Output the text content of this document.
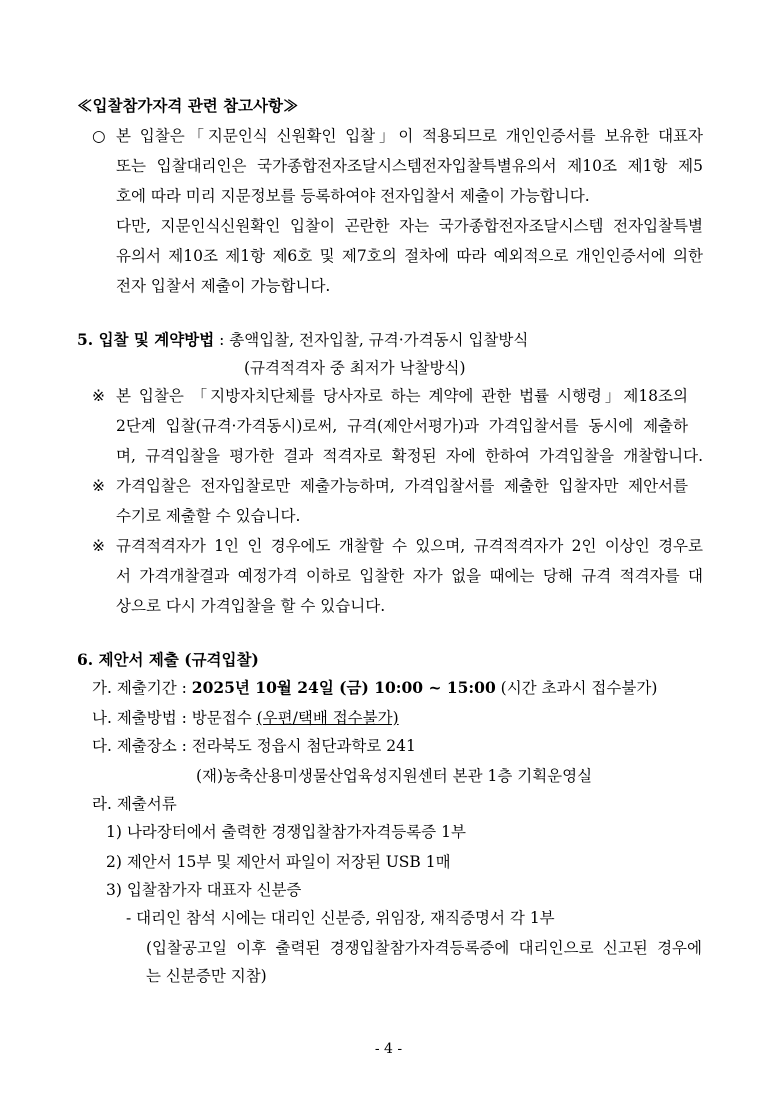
≪입찰참가자격 관련 참고사항≫
○ 본 입찰은「지문인식 신원확인 입찰」이 적용되므로 개인인증서를 보유한 대표자
또는 입찰대리인은 국가종합전자조달시스템전자입찰특별유의서 제10조 제1항 제5
호에 따라 미리 지문정보를 등록하여야 전자입찰서 제출이 가능합니다.
다만, 지문인식신원확인 입찰이 곤란한 자는 국가종합전자조달시스템 전자입찰특별
유의서 제10조 제1항 제6호 및 제7호의 절차에 따라 예외적으로 개인인증서에 의한
전자 입찰서 제출이 가능합니다.
5. 입찰 및 계약방법 : 총액입찰, 전자입찰, 규격·가격동시 입찰방식
(규격적격자 중 최저가 낙찰방식)
※ 본 입찰은 「지방자치단체를 당사자로 하는 계약에 관한 법률 시행령」제18조의
2단계 입찰(규격·가격동시)로써, 규격(제안서평가)과 가격입찰서를 동시에 제출하
며, 규격입찰을 평가한 결과 적격자로 확정된 자에 한하여 가격입찰을 개찰합니다.
※ 가격입찰은 전자입찰로만 제출가능하며, 가격입찰서를 제출한 입찰자만 제안서를
수기로 제출할 수 있습니다.
※ 규격적격자가 1인 인 경우에도 개찰할 수 있으며, 규격적격자가 2인 이상인 경우로
서 가격개찰결과 예정가격 이하로 입찰한 자가 없을 때에는 당해 규격 적격자를 대
상으로 다시 가격입찰을 할 수 있습니다.
6. 제안서 제출 (규격입찰)
가. 제출기간 : 2025년 10월 24일 (금) 10:00 ~ 15:00 (시간 초과시 접수불가)
나. 제출방법 : 방문접수 (우편/택배 접수불가)
다. 제출장소 : 전라북도 정읍시 첨단과학로 241
(재)농축산용미생물산업육성지원센터 본관 1층 기획운영실
라. 제출서류
1) 나라장터에서 출력한 경쟁입찰참가자격등록증 1부
2) 제안서 15부 및 제안서 파일이 저장된 USB 1매
3) 입찰참가자 대표자 신분증
- 대리인 참석 시에는 대리인 신분증, 위임장, 재직증명서 각 1부
(입찰공고일 이후 출력된 경쟁입찰참가자격등록증에 대리인으로 신고된 경우에
는 신분증만 지참)
- 4 -
